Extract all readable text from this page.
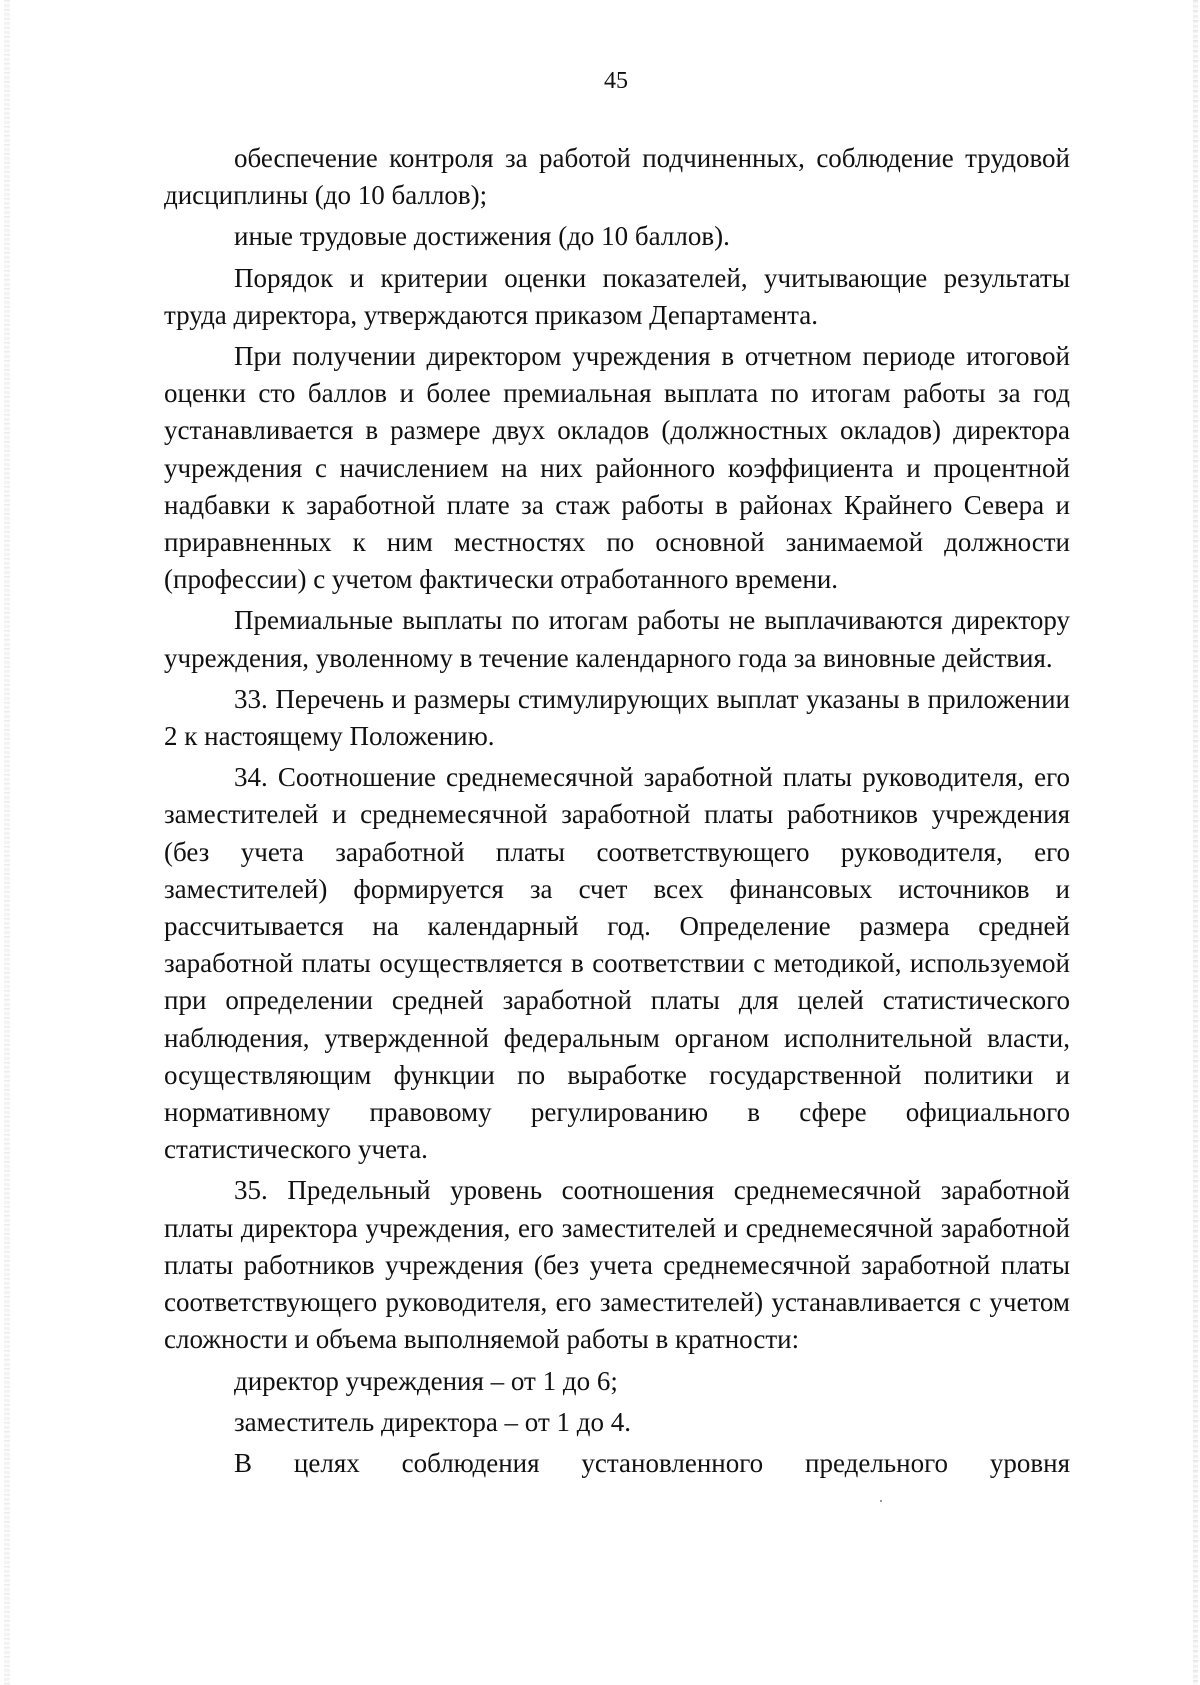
45

обеспечение контроля за работой подчиненных, соблюдение трудовой дисциплины (до 10 баллов);

иные трудовые достижения (до 10 баллов).

Порядок и критерии оценки показателей, учитывающие результаты труда директора, утверждаются приказом Департамента.

При получении директором учреждения в отчетном периоде итоговой оценки сто баллов и более премиальная выплата по итогам работы за год устанавливается в размере двух окладов (должностных окладов) директора учреждения с начислением на них районного коэффициента и процентной надбавки к заработной плате за стаж работы в районах Крайнего Севера и приравненных к ним местностях по основной занимаемой должности (профессии) с учетом фактически отработанного времени.

Премиальные выплаты по итогам работы не выплачиваются директору учреждения, уволенному в течение календарного года за виновные действия.

33. Перечень и размеры стимулирующих выплат указаны в приложении 2 к настоящему Положению.

34. Соотношение среднемесячной заработной платы руководителя, его заместителей и среднемесячной заработной платы работников учреждения (без учета заработной платы соответствующего руководителя, его заместителей) формируется за счет всех финансовых источников и рассчитывается на календарный год. Определение размера средней заработной платы осуществляется в соответствии с методикой, используемой при определении средней заработной платы для целей статистического наблюдения, утвержденной федеральным органом исполнительной власти, осуществляющим функции по выработке государственной политики и нормативному правовому регулированию в сфере официального статистического учета.

35. Предельный уровень соотношения среднемесячной заработной платы директора учреждения, его заместителей и среднемесячной заработной платы работников учреждения (без учета среднемесячной заработной платы соответствующего руководителя, его заместителей) устанавливается с учетом сложности и объема выполняемой работы в кратности:

директор учреждения – от 1 до 6;

заместитель директора – от 1 до 4.

В целях соблюдения установленного предельного уровня
